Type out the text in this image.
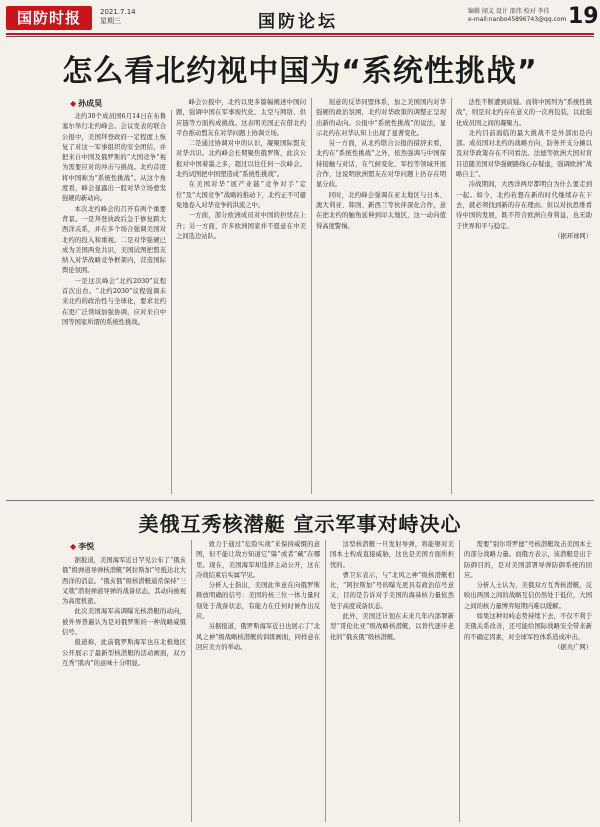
国防时报	2021.7.14
星期三	国防论坛
编辑 闻义 设计 邵伟 校对 李佳
e-mail:nanbo45896743@qq.com 19
怎么看北约视中国为“系统性挑战”
◆ 孙成昊

北约30个成员国6月14日在布鲁塞尔举行北约峰会。会议发表的联合公报中，美国拜登政府一定程度上恢复了对这一军事组织的安全团结，并把来自中国及俄罗斯的“大国竞争”视为需要应对的冲击与挑战。北约首度将中国称为“系统性挑战”。从这个角度看，峰会显露出一股对华立场愈发强硬的新动向。

本次北约峰会的召开有两个重要背景。一是拜登执政后急于修复跨大西洋关系，并在多个场合强调美国对北约的投入和重视。二是对华强硬已成为美国两党共识，美国试图把盟友纳入对华战略竞争框架内，营造国际舆论氛围。

一是这次峰会“北约2030”议程首次出台。“北约2030”议程强调未来北约的政治性与全球化，要求北约在更广泛领域加强协调，应对来自中国等国家所谓的系统性挑战。

峰会公报中，北约以更多篇幅阐述中国问题，强调中国在军事现代化、太空与网络、供应链等方面构成挑战。这表明美国正在借北约平台推动盟友在对华问题上协调立场。

二是通过协调对中的认识，凝聚国际盟友对华共识。北约峰会长期聚焦俄罗斯，此次公报对中国着墨之多，超过以往任何一次峰会。北约试图把中国塑造成“系统性挑战”。

在美国对华“展产业链”竞争对手“定位”及“大国竞争”战略的推动下，北约正不可避免地卷入对华竞争的洪流之中。

一方面，部分欧洲成员对中国的担忧在上升；另一方面，许多欧洲国家并不愿意在中美之间选边站队。

刻意的反华同盟体系，加之美国国内对华强硬的政治氛围，北约对华政策的调整正呈现出新的动向。公报中“系统性挑战”的说法，显示北约在对华认知上出现了显著变化。

另一方面，从北约联合公报的措辞来看，北约在“系统性挑战”之外，依然强调与中国保持接触与对话，在气候变化、军控等领域开展合作，这说明欧洲盟友在对华问题上仍存在明显分歧。

同时，北约峰会强调在亚太地区与日本、澳大利亚、韩国、新西兰等伙伴深化合作，意在把北约的触角延伸到印太地区，这一动向值得高度警惕。

法性不断遭到质疑。而将中国列为“系统性挑战”，则是对北约存在意义的一次再包装，以此强化成员国之间的凝聚力。

北约目前面临的最大挑战不是外部而是内部。成员国对北约的战略方向、防务开支分摊以及对华政策存在不同看法。法德等欧洲大国对盲目追随美国对华强硬路线心存疑虑，强调欧洲“战略自主”。

冷战期间，大西洋两岸都明白为什么要走到一起。如今，北约若想在新的时代继续存在下去，就必须找到新的存在理由。但以对抗思维看待中国的发展，既不符合欧洲自身利益，也无助于世界和平与稳定。

（据环球网）
美俄互秀核潜艇 宣示军事对峙决心
◆ 李悦

据报道，美国海军近日罕见公布了“俄亥俄”级弹道导弹核潜艇“阿拉斯加”号抵达北大西洋的消息。“俄亥俄”级核潜艇通常保持“三叉戟”潜射弹道导弹的战备状态，其动向被视为高度机密。

此次美国海军高调曝光核潜艇的动向，被外界普遍认为是对俄罗斯的一种战略威慑信号。

报道称，此前俄罗斯海军也在北极地区公开展示了最新型核潜艇的活动画面，双方互秀“肌肉”的意味十分明显。

致力于通过“危险实战”来保持威慑的意图，但不能让敌方知道它“躲”或者“藏”在哪里。现在，美国海军却选择主动公开，这在冷战结束后实属罕见。

分析人士指出，美国此举意在向俄罗斯释放明确的信号：美国的核三位一体力量时刻处于战备状态，有能力在任何时候作出反应。

另据报道，俄罗斯海军近日也展示了“北风之神”级战略核潜艇的训练画面，同样意在回应美方的举动。

这型核潜艇一旦发射导弹，将能够对美国本土构成直接威胁，这也是美国方面所担忧的。

曹卫东表示，与“北风之神”级核潜艇相比，“阿拉斯加”号的曝光更具有政治信号意义，目的是告诉对手美国的海基核力量依然处于高度戒备状态。

此外，美国还计划在未来几年内部署新型“哥伦比亚”级战略核潜艇，以替代逐步老化的“俄亥俄”级核潜艇。

需要“别尔哥罗德”号核潜艇攻击美国本土的部分战略力量。而俄方表示，该潜艇是出于防御目的，是对美国部署导弹防御系统的回应。

分析人士认为，美俄双方互秀核潜艇，反映出两国之间的战略互信仍然处于低位，大国之间的核力量博弈短期内难以缓解。

如果这种对峙态势持续下去，不仅不利于美俄关系改善，还可能给国际战略安全带来新的不确定因素，对全球军控体系造成冲击。

（据央广网）
